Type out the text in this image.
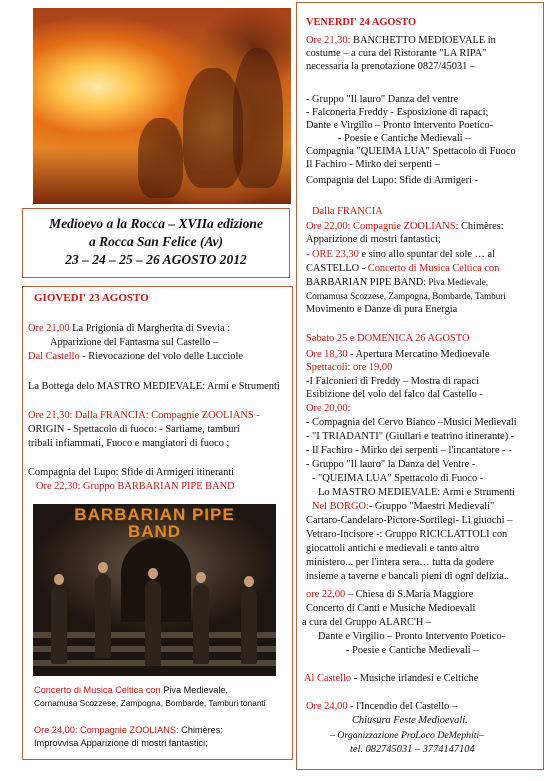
Medioevo a la Rocca – XVIIa edizione
a Rocca San Felice (Av)
23 – 24 – 25 – 26 AGOSTO 2012
GIOVEDI' 23 AGOSTO
Ore 21,00 La Prigionia di Margherita di Svevia :
Apparizione del Fantasma sul Castello –
Dal Castello - Rievocazione del volo delle Lucciole
La Bottega delo MASTRO MEDIEVALE: Armi e Strumenti
Ore 21,30: Dalla FRANCIA: Compagnie ZOOLIANS -
ORIGIN - Spettacolo di fuoco: - Sartiame, tamburi
tribali infiammati, Fuoco e mangiatori di fuoco ;
Compagnia del Lupo: Sfide di Armigeri itineranti
Ore 22,30: Gruppo BARBARIAN PIPE BAND
BARBARIAN PIPE
BAND
Concerto di Musica Celtica con Piva Medievale,
Cornamusa Scozzese, Zampogna, Bombarde, Tamburi tonanti
Ore 24,00: Compagnie ZOOLIANS: Chimères:
Improvvisa Apparizione di mostri fantastici;
VENERDI' 24 AGOSTO
Ore 21,30: BANCHETTO MEDIOEVALE in
costume – a cura del Ristorante "LA RIPA"
necessaria la prenotazione 0827/45031 –
- Gruppo "Il lauro" Danza del ventre
- Falconeria Freddy - Esposizione di rapaci;
Dante e Virgilio – Pronto Intervento Poetico-
- Poesie e Cantiche Medievali –
Compagnia "QUEIMA LUA" Spettacolo di Fuoco
Il Fachiro - Mirko dei serpenti –
Compagnia del Lupo: Sfide di Armigeri -
Dalla FRANCIA
Ore 22,00: Compagnie ZOOLIANS: Chimères:
Apparizione di mostri fantastici;
- ORE 23,30 e sino allo spuntar del sole … al
CASTELLO - Concerto di Musica Celtica con
BARBARIAN PIPE BAND: Piva Medievale,
Cornamusa Scozzese, Zampogna, Bombarde, Tamburi
Movimento e Danze di pura Energia
Sabato 25 e DOMENICA 26 AGOSTO
Ore 18,30 - Apertura Mercatino Medioevale
Spettacoli: ore 19,00
-I Falconieri di Freddy – Mostra di rapaci
Esibizione del volo del falco dal Castello -
Ore 20,00:
- Compagnia del Cervo Bianco –Musici Medievali
- "I TRIADANTI" (Giullari e teatrino itinerante) -
- Il Fachiro - Mirko dei serpenti – l'incantatore - -
- Gruppo "Il lauro" la Danza del Ventre -
- "QUEIMA LUA" Spettacolo di Fuoco -
Lo MASTRO MEDIEVALE: Armi e Strumenti
Nel BORGO:- Gruppo "Maestri Medievali"
Cartaro-Candelaro-Pictore-Sortilegi- Li giuochi –
Vetraro-Incisore -: Gruppo RICICLATTOLI con
giocattoli antichi e medievali e tanto altro
ministero... per l'intera sera… tutta da godere
insieme a taverne e bancali pieni di ogni delizia..
ore 22,00 – Chiesa di S.Maria Maggiore
Concerto di Canti e Musiche Medioevali
a cura del Gruppo ALARC'H –
Dante e Virgilio – Pronto Intervento Poetico-
- Poesie e Cantiche Medievali –
Al Castello - Musiche irlandesi e Celtiche
Ore 24,00 - l'Incendio del Castello –
Chiusura Feste Medioevali.
– Organizzazione ProLoco DeMephiti–
tel. 082745031 – 3774147104
